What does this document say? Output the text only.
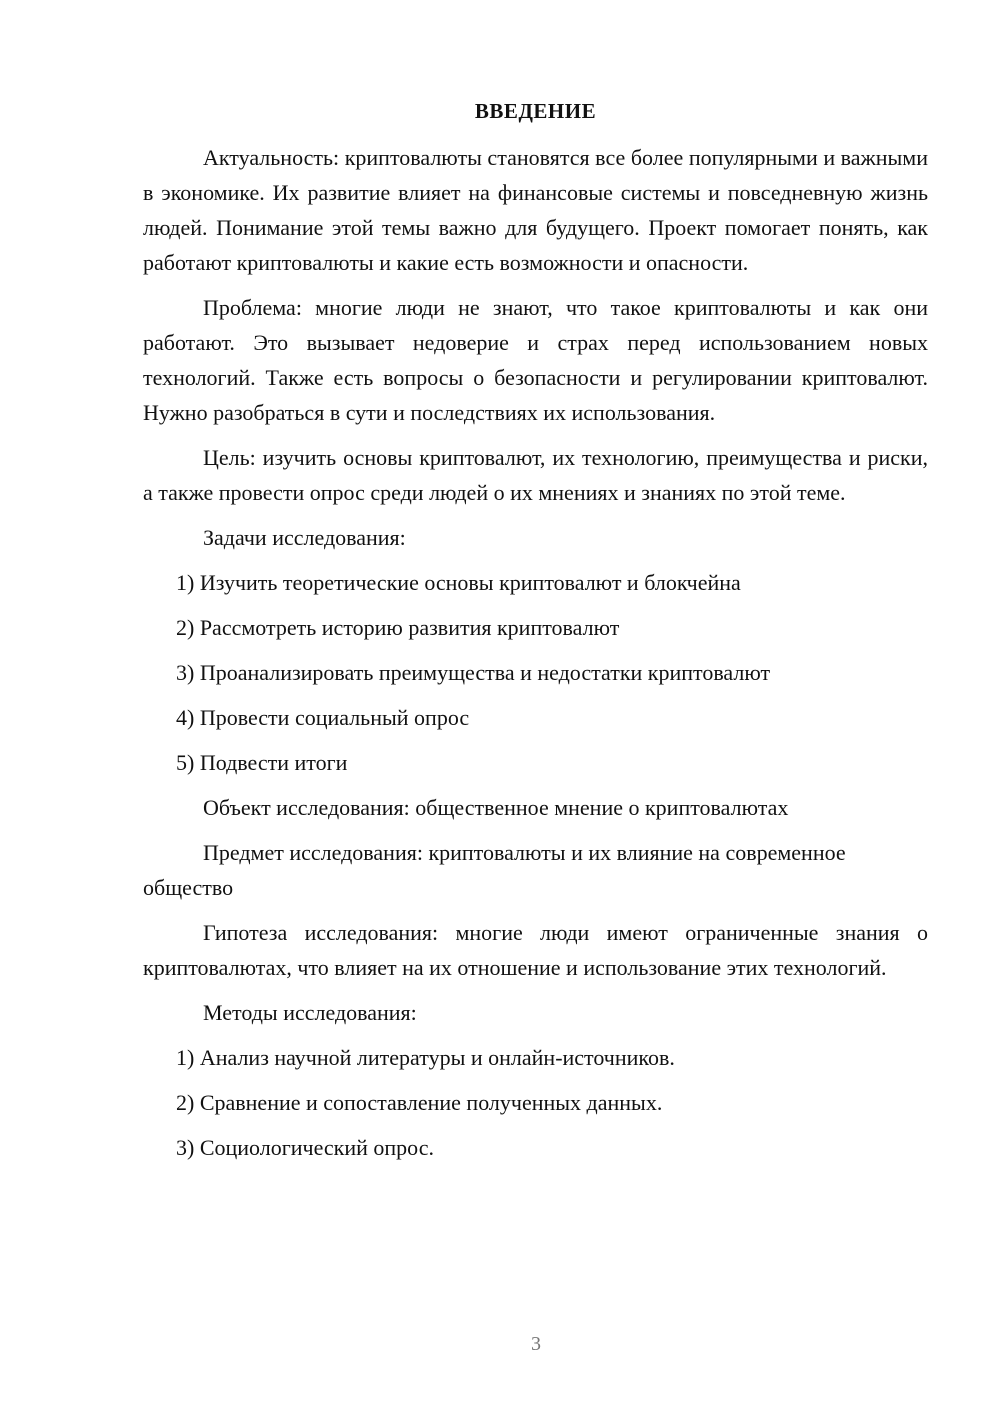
ВВЕДЕНИЕ

Актуальность: криптовалюты становятся все более популярными и важными в экономике. Их развитие влияет на финансовые системы и повседневную жизнь людей. Понимание этой темы важно для будущего. Проект помогает понять, как работают криптовалюты и какие есть возможности и опасности.

Проблема: многие люди не знают, что такое криптовалюты и как они работают. Это вызывает недоверие и страх перед использованием новых технологий. Также есть вопросы о безопасности и регулировании криптовалют. Нужно разобраться в сути и последствиях их использования.

Цель: изучить основы криптовалют, их технологию, преимущества и риски, а также провести опрос среди людей о их мнениях и знаниях по этой теме.

Задачи исследования:

1) Изучить теоретические основы криптовалют и блокчейна
2) Рассмотреть историю развития криптовалют
3) Проанализировать преимущества и недостатки криптовалют
4) Провести социальный опрос
5) Подвести итоги

Объект исследования: общественное мнение о криптовалютах

Предмет исследования: криптовалюты и их влияние на современное общество

Гипотеза исследования: многие люди имеют ограниченные знания о криптовалютах, что влияет на их отношение и использование этих технологий.

Методы исследования:

1) Анализ научной литературы и онлайн-источников.
2) Сравнение и сопоставление полученных данных.
3) Социологический опрос.
3
